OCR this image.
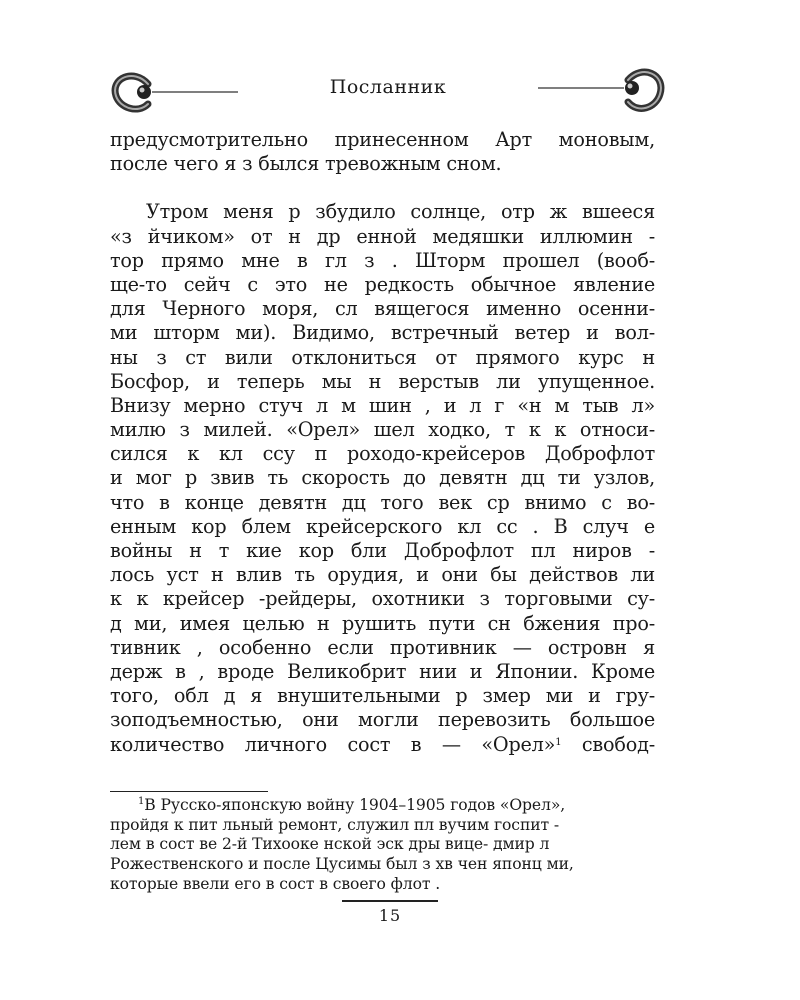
Посланник
предусмотрительно принесенном Арт моновым,
после чего я з былся тревожным сном.
Утром меня р збудило солнце, отр ж вшееся
«з йчиком» от н др енной медяшки иллюмин -
тор прямо мне в гл з . Шторм прошел (вооб-
ще-то сейч с это не редкость обычное явление
для Черного моря, сл вящегося именно осенни-
ми шторм ми). Видимо, встречный ветер и вол-
ны з ст вили отклониться от прямого курс н
Босфор, и теперь мы н верстыв ли упущенное.
Внизу мерно стуч л м шин , и л г «н м тыв л»
милю з милей. «Орел» шел ходко, т к к относи-
сился к кл ссу п роходо-крейсеров Доброфлот
и мог р звив ть скорость до девятн дц ти узлов,
что в конце девятн дц того век ср внимо с во-
енным кор блем крейсерского кл сс . В случ е
войны н т кие кор бли Доброфлот пл ниров -
лось уст н влив ть орудия, и они бы действов ли
к к крейсер -рейдеры, охотники з торговыми су-
д ми, имея целью н рушить пути сн бжения про-
тивник , особенно если противник — островн я
держ в , вроде Великобрит нии и Японии. Кроме
того, обл д я внушительными р змер ми и гру-
зоподъемностью, они могли перевозить большое
количество личного сост в — «Орел»$^1$ свобод-
$^1$В Русско-японскую войну 1904–1905 годов «Орел»,
пройдя к пит льный ремонт, служил пл вучим госпит -
лем в сост ве 2-й Тихооке нской эск дры вице- дмир л
Рожественского и после Цусимы был з хв чен японц ми,
которые ввели его в сост в своего флот .
15
